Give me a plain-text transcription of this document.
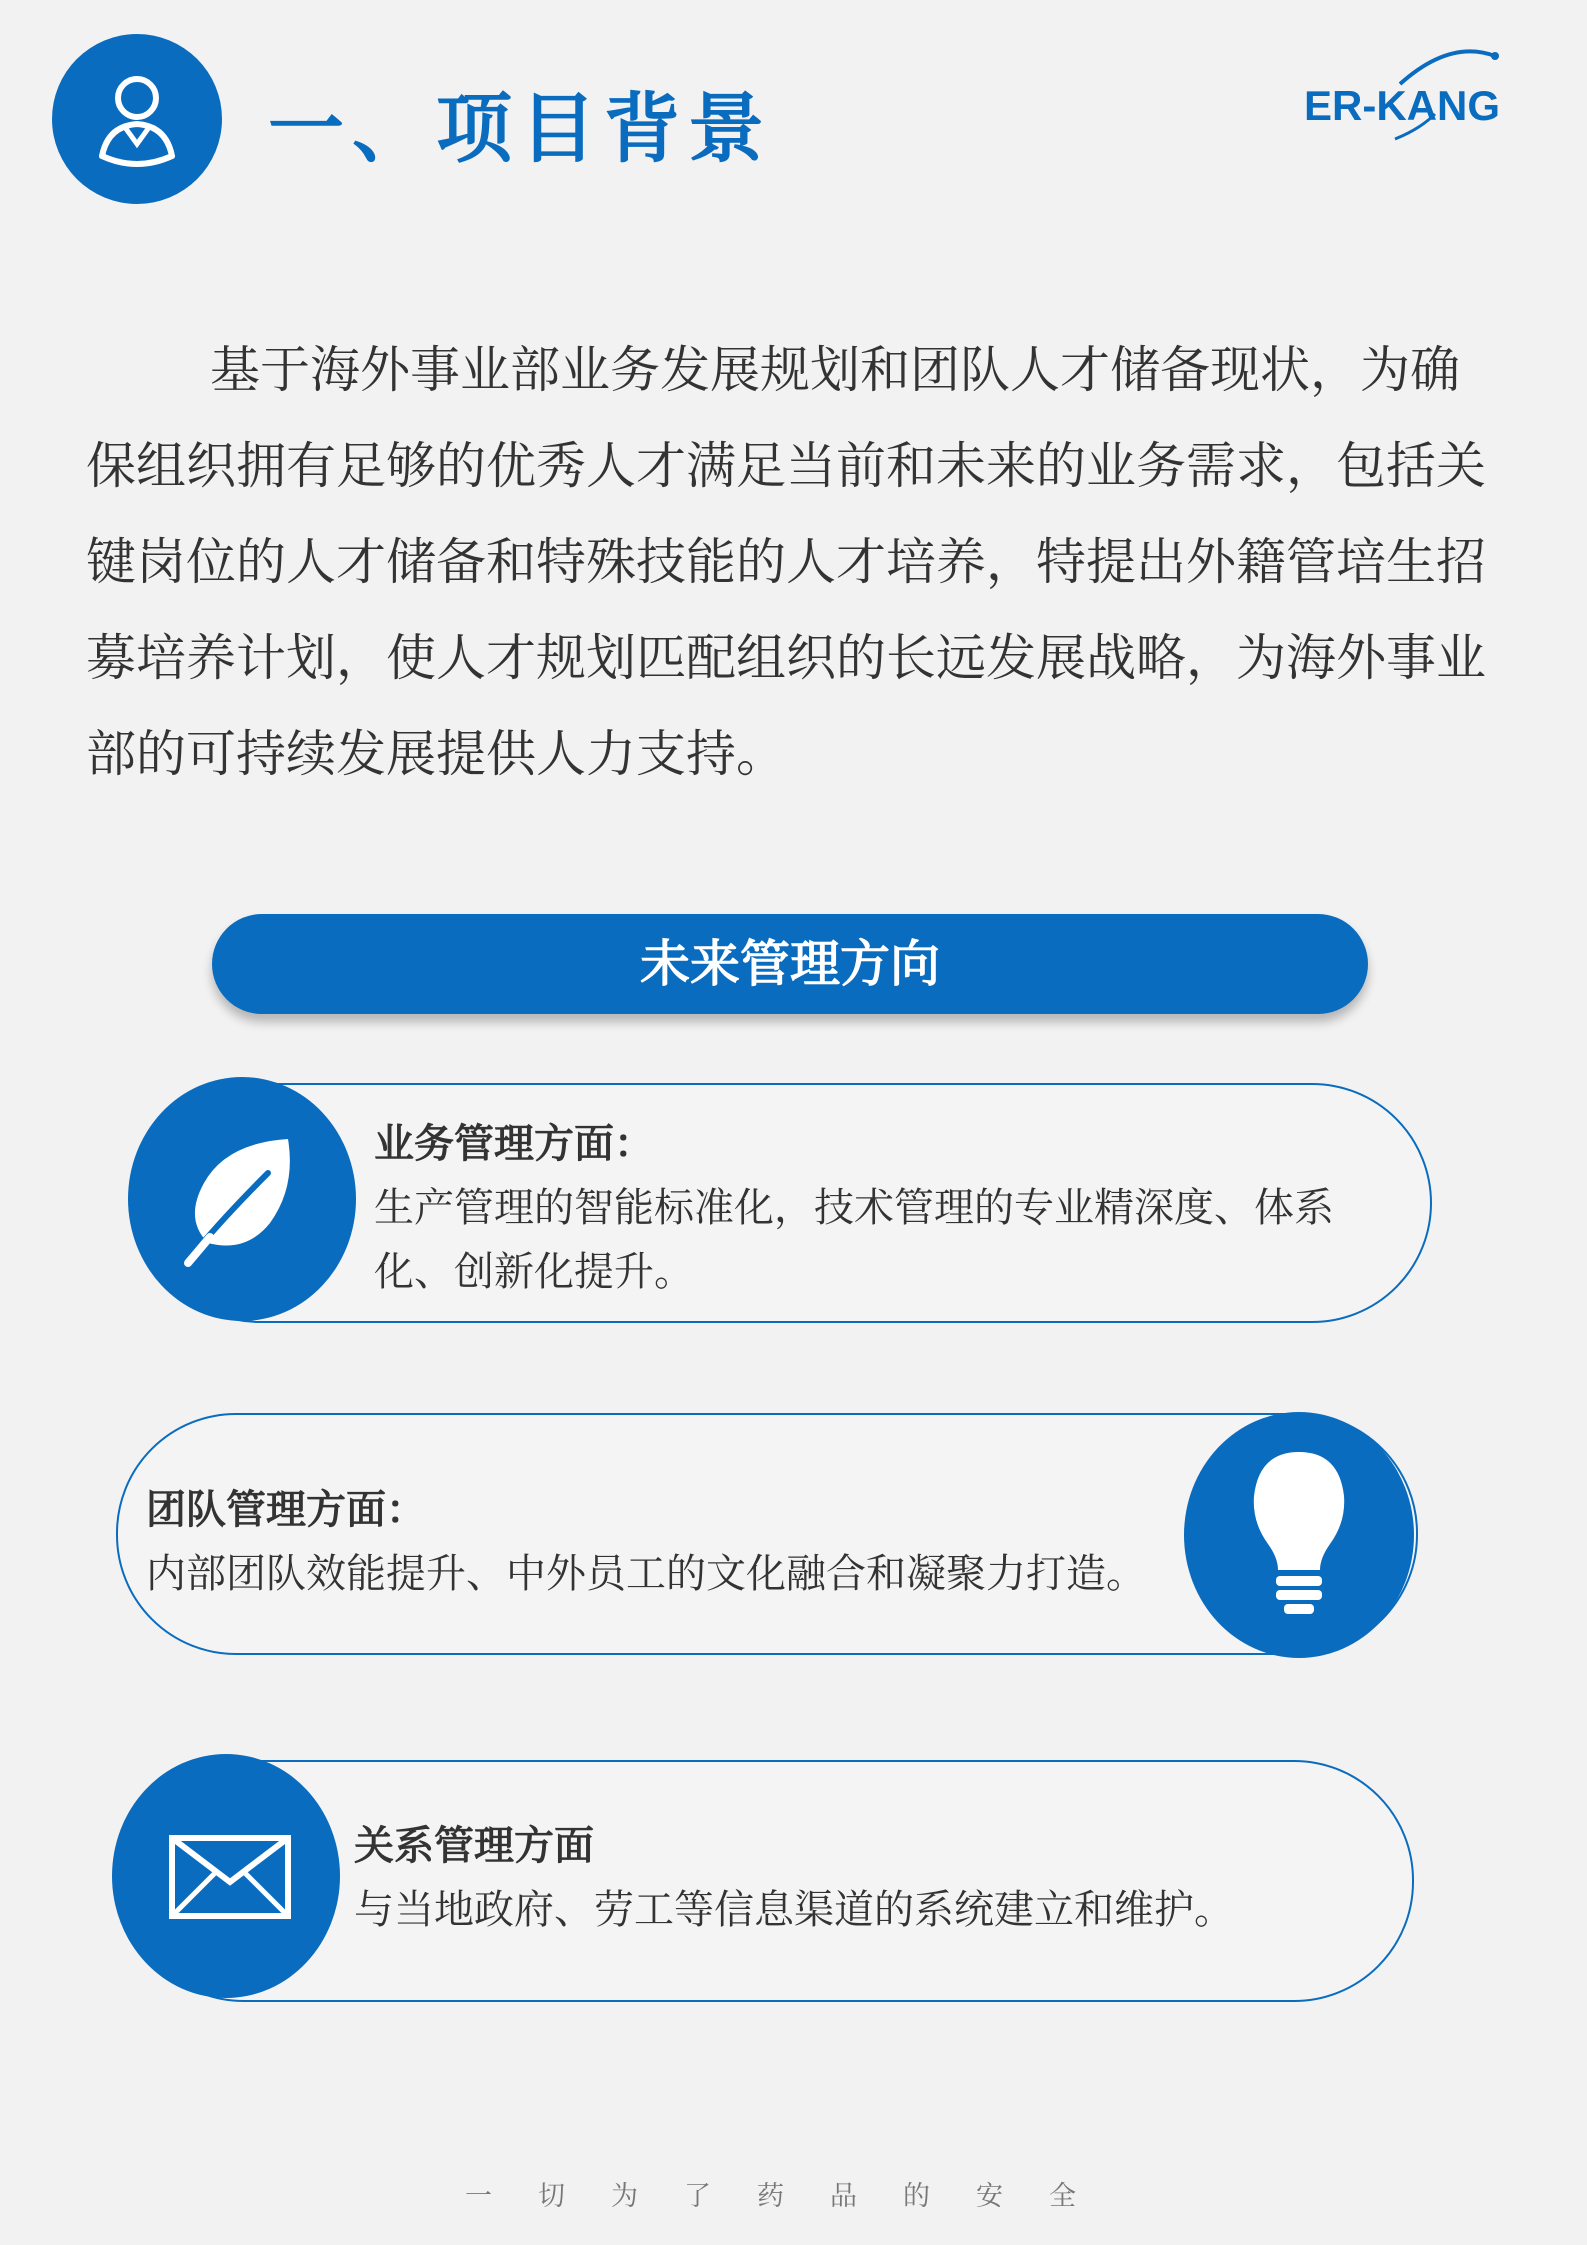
一、项目背景	ER-KANG
基于海外事业部业务发展规划和团队人才储备现状，为确保组织拥有足够的优秀人才满足当前和未来的业务需求，包括关键岗位的人才储备和特殊技能的人才培养，特提出外籍管培生招募培养计划，使人才规划匹配组织的长远发展战略，为海外事业部的可持续发展提供人力支持。
未来管理方向
业务管理方面：
生产管理的智能标准化，技术管理的专业精深度、体系化、创新化提升。
团队管理方面：
内部团队效能提升、中外员工的文化融合和凝聚力打造。
关系管理方面
与当地政府、劳工等信息渠道的系统建立和维护。
一切为了药品的安全
